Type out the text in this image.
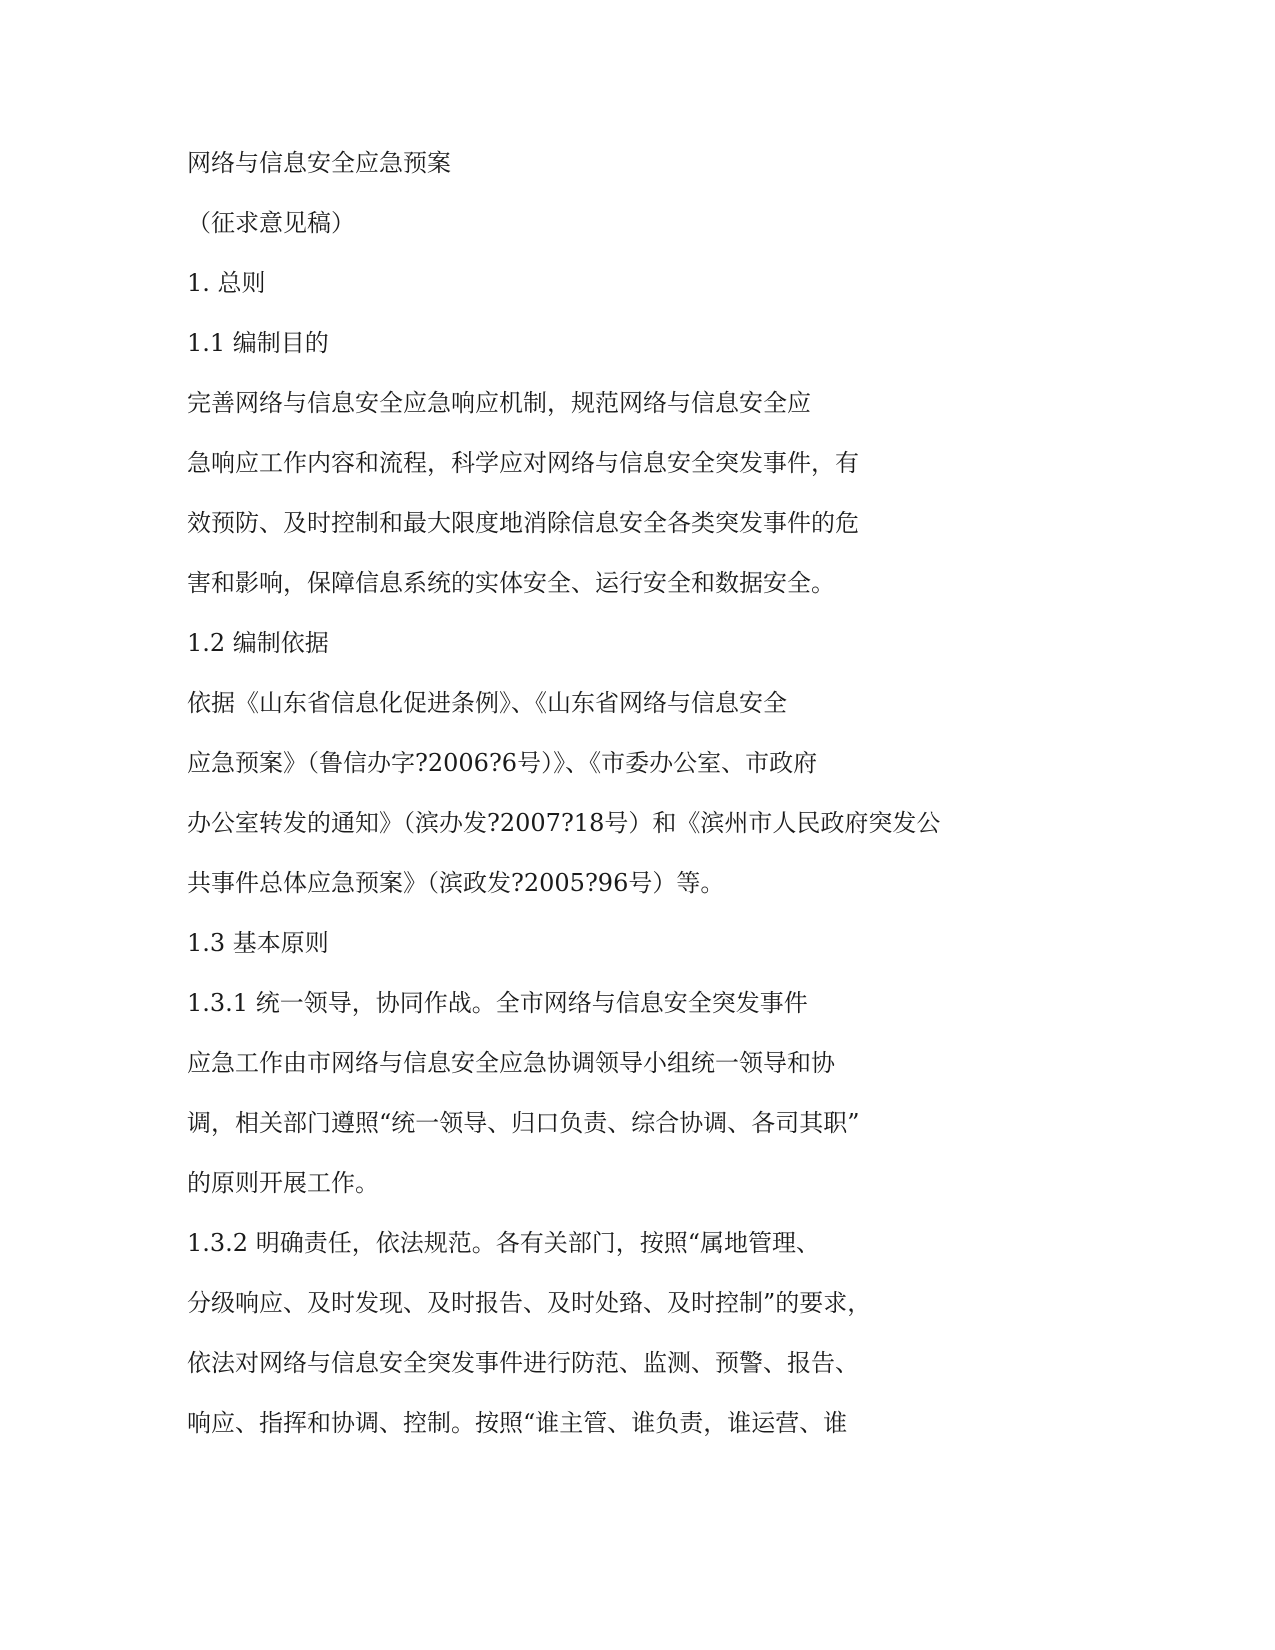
网络与信息安全应急预案

（征求意见稿）

1. 总则

1.1 编制目的

完善网络与信息安全应急响应机制，规范网络与信息安全应

急响应工作内容和流程，科学应对网络与信息安全突发事件，有

效预防、及时控制和最大限度地消除信息安全各类突发事件的危

害和影响，保障信息系统的实体安全、运行安全和数据安全。

1.2 编制依据

依据《山东省信息化促进条例》、《山东省网络与信息安全

应急预案》（鲁信办字?2006?6号）》、《市委办公室、市政府

办公室转发的通知》（滨办发?2007?18号）和《滨州市人民政府突发公

共事件总体应急预案》（滨政发?2005?96号）等。

1.3 基本原则

1.3.1 统一领导，协同作战。全市网络与信息安全突发事件

应急工作由市网络与信息安全应急协调领导小组统一领导和协

调，相关部门遵照“统一领导、归口负责、综合协调、各司其职”

的原则开展工作。

1.3.2 明确责任，依法规范。各有关部门，按照“属地管理、

分级响应、及时发现、及时报告、及时处臵、及时控制”的要求，

依法对网络与信息安全突发事件进行防范、监测、预警、报告、

响应、指挥和协调、控制。按照“谁主管、谁负责，谁运营、谁
